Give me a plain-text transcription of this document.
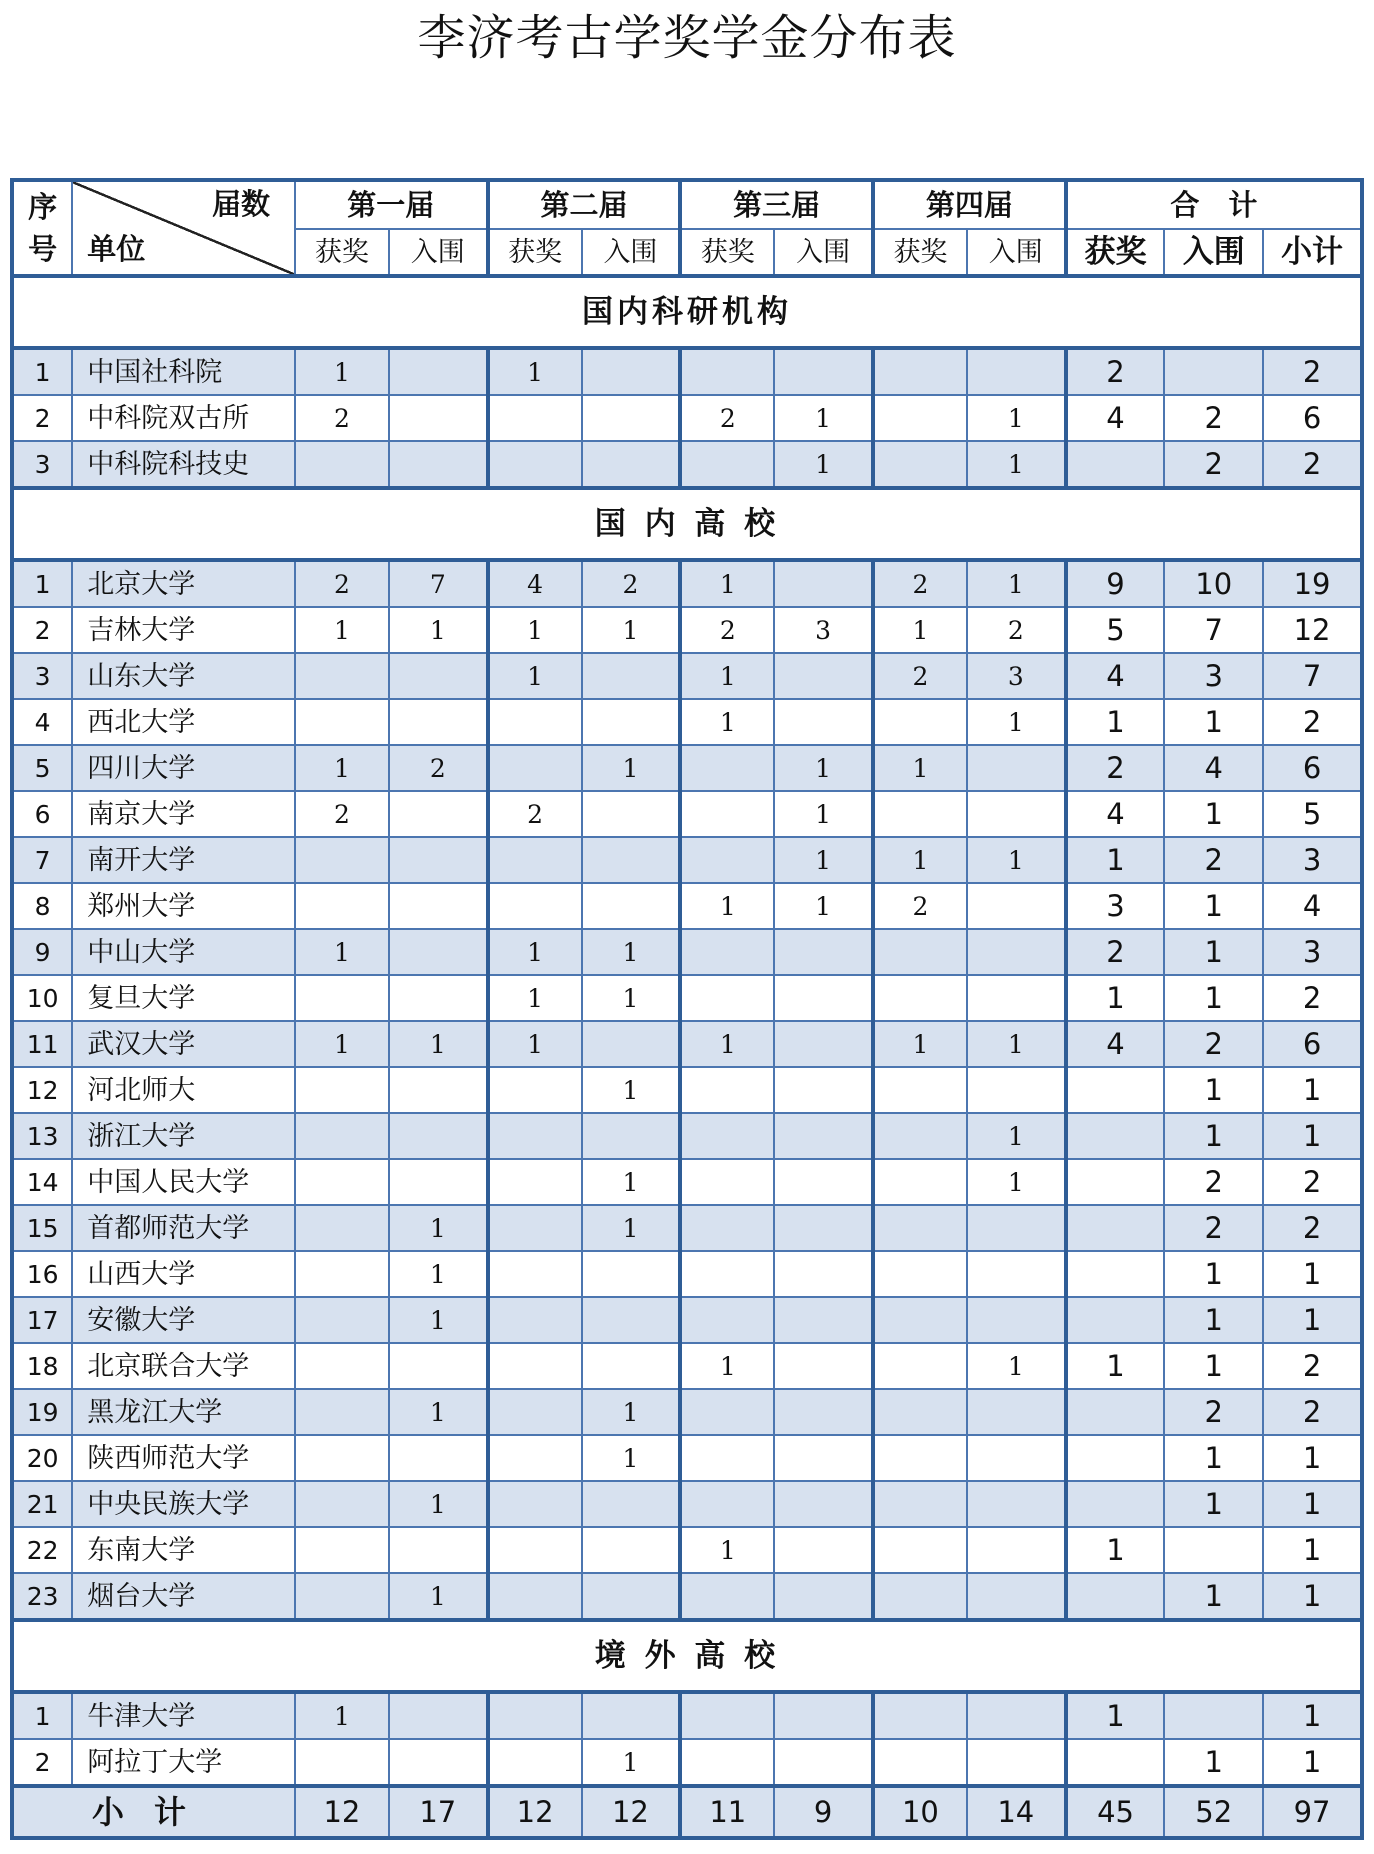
李济考古学奖学金分布表
序
号	届数
单位	第一届		第二届		第三届		第四届		合　计		
		获奖	入围	获奖	入围	获奖	入围	获奖	入围	获奖	入围	小计
国内科研机构												
1	中国社科院	1		1						2		2
2	中科院双古所	2				2	1		1	4	2	6
3	中科院科技史						1		1		2	2
国 内 高 校												
1	北京大学	2	7	4	2	1		2	1	9	10	19
2	吉林大学	1	1	1	1	2	3	1	2	5	7	12
3	山东大学			1		1		2	3	4	3	7
4	西北大学					1			1	1	1	2
5	四川大学	1	2		1		1	1		2	4	6
6	南京大学	2		2			1			4	1	5
7	南开大学						1	1	1	1	2	3
8	郑州大学					1	1	2		3	1	4
9	中山大学	1		1	1					2	1	3
10	复旦大学			1	1					1	1	2
11	武汉大学	1	1	1		1		1	1	4	2	6
12	河北师大				1						1	1
13	浙江大学								1		1	1
14	中国人民大学				1				1		2	2
15	首都师范大学		1		1						2	2
16	山西大学		1								1	1
17	安徽大学		1								1	1
18	北京联合大学					1			1	1	1	2
19	黑龙江大学		1		1						2	2
20	陕西师范大学				1						1	1
21	中央民族大学		1								1	1
22	东南大学					1				1		1
23	烟台大学		1								1	1
境 外 高 校												
1	牛津大学	1								1		1
2	阿拉丁大学				1						1	1
小计		12	17	12	12	11	9	10	14	45	52	97
